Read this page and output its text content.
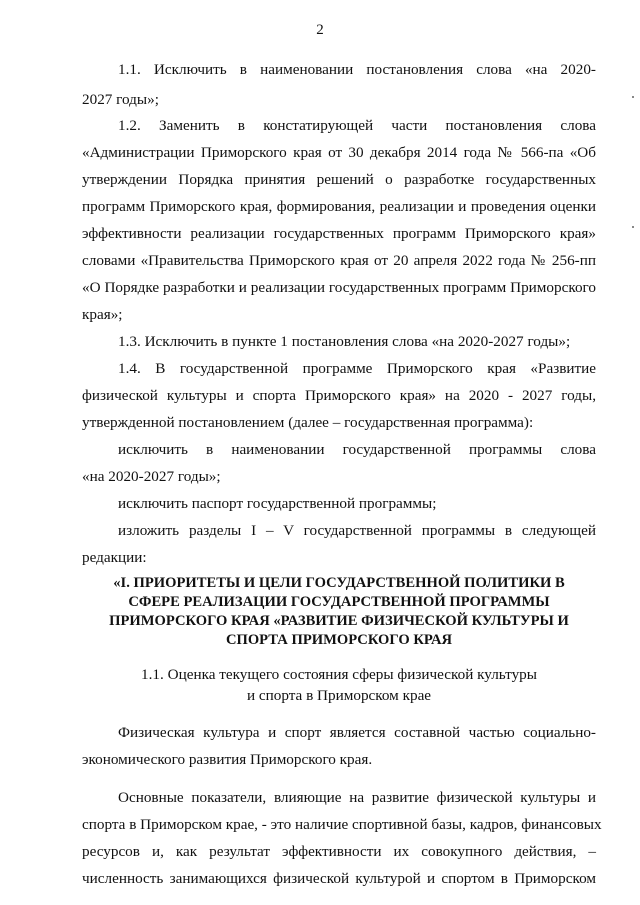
2
1.1. Исключить в наименовании постановления слова «на 2020-
2027 годы»;
1.2. Заменить в констатирующей части постановления слова
«Администрации Приморского края от 30 декабря 2014 года № 566-па «Об
утверждении Порядка принятия решений о разработке государственных
программ Приморского края, формирования, реализации и проведения оценки
эффективности реализации государственных программ Приморского края»
словами «Правительства Приморского края от 20 апреля 2022 года № 256-пп
«О Порядке разработки и реализации государственных программ Приморского
края»;
1.3. Исключить в пункте 1 постановления слова «на 2020-2027 годы»;
1.4. В государственной программе Приморского края «Развитие
физической культуры и спорта Приморского края» на 2020 - 2027 годы,
утвержденной постановлением (далее – государственная программа):
исключить в наименовании государственной программы слова
«на 2020-2027 годы»;
исключить паспорт государственной программы;
изложить разделы I – V государственной программы в следующей
редакции:
«I. ПРИОРИТЕТЫ И ЦЕЛИ ГОСУДАРСТВЕННОЙ ПОЛИТИКИ В
СФЕРЕ РЕАЛИЗАЦИИ ГОСУДАРСТВЕННОЙ ПРОГРАММЫ
ПРИМОРСКОГО КРАЯ «РАЗВИТИЕ ФИЗИЧЕСКОЙ КУЛЬТУРЫ И
СПОРТА ПРИМОРСКОГО КРАЯ
1.1. Оценка текущего состояния сферы физической культуры
и спорта в Приморском крае
Физическая культура и спорт является составной частью социально-
экономического развития Приморского края.
Основные показатели, влияющие на развитие физической культуры и
спорта в Приморском крае, - это наличие спортивной базы, кадров, финансовых
ресурсов и, как результат эффективности их совокупного действия, –
численность занимающихся физической культурой и спортом в Приморском
